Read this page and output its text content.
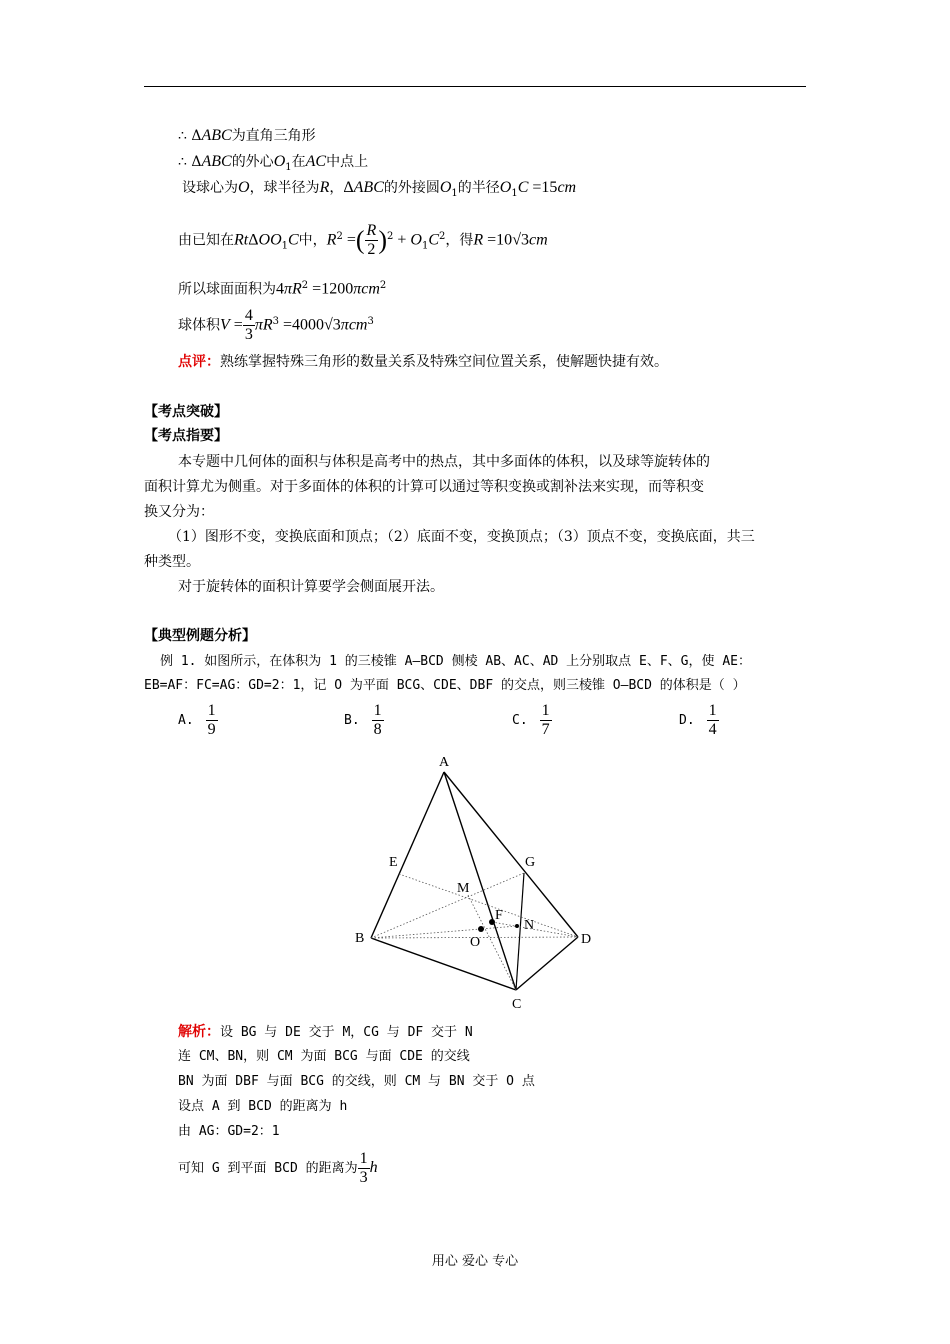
∴ ΔABC为直角三角形
∴ ΔABC的外心$O_1$在AC中点上
设球心为O，球半径为R，ΔABC的外接圆$O_1$的半径$O_1C =15cm$
由已知在RtΔOO$_1$C中，$R^2$ =( $\frac{R}{2} )^2 + O_1C^2$，得R =10√3cm
所以球面面积为$4\pi R^2 =1200\pi cm^2$
球体积$V = \frac{4}{3} \pi R^3 =4000√3\pi cm^3$
点评：熟练掌握特殊三角形的数量关系及特殊空间位置关系，使解题快捷有效。
【考点突破】
【考点指要】
本专题中几何体的面积与体积是高考中的热点，其中多面体的体积，以及球等旋转体的
面积计算尤为侧重。对于多面体的体积的计算可以通过等积变换或割补法来实现，而等积变
换又分为：
（1）图形不变，变换底面和顶点；（2）底面不变，变换顶点；（3）顶点不变，变换底面，共三
种类型。
对于旋转体的面积计算要学会侧面展开法。
【典型例题分析】
例 1. 如图所示，在体积为 1 的三棱锥 A—BCD 侧棱 AB、AC、AD 上分别取点 E、F、G，使 AE：
EB=AF：FC=AG：GD=2：1，记 O 为平面 BCG、CDE、DBF 的交点，则三棱锥 O—BCD 的体积是（ ）
A. $\frac{1}{9}$	B. $\frac{1}{8}$	C. $\frac{1}{7}$	D. $\frac{1}{4}$
A
B
C
D
E
F
G
M
N
O
解析：设 BG 与 DE 交于 M，CG 与 DF 交于 N
连 CM、BN，则 CM 为面 BCG 与面 CDE 的交线
BN 为面 DBF 与面 BCG 的交线，则 CM 与 BN 交于 O 点
设点 A 到 BCD 的距离为 h
由 AG：GD=2：1
可知 G 到平面 BCD 的距离为 $\frac{1}{3}$ h
用心 爱心 专心
